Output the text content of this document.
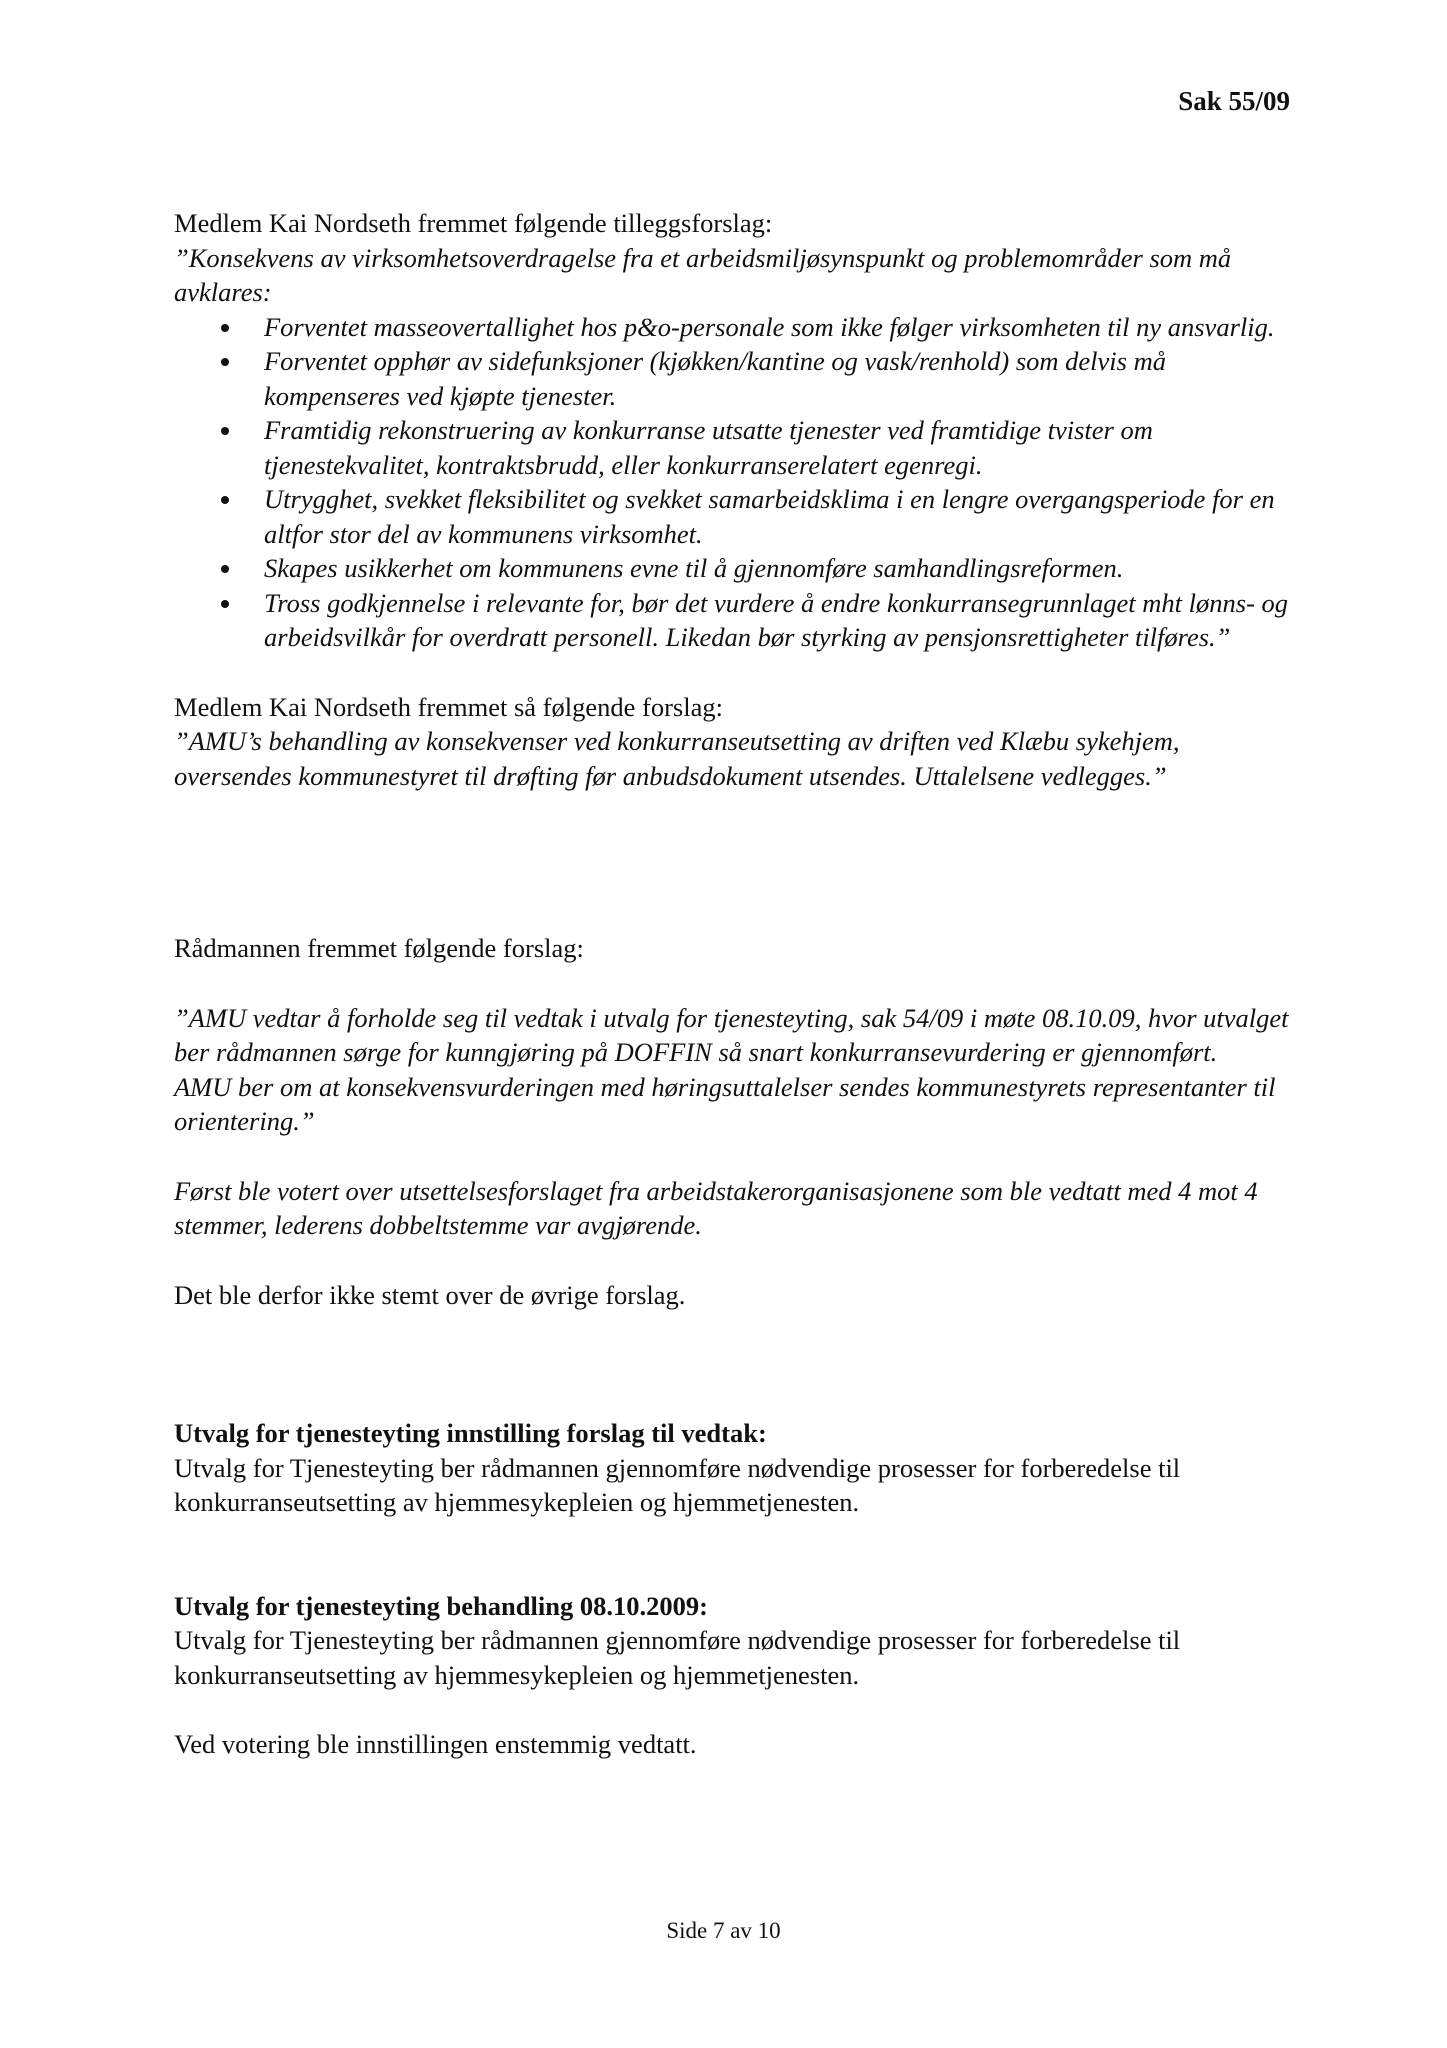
Sak 55/09

Medlem Kai Nordseth fremmet følgende tilleggsforslag:

”Konsekvens av virksomhetsoverdragelse fra et arbeidsmiljøsynspunkt og problemområder som må avklares:

Forventet masseovertallighet hos p&o-personale som ikke følger virksomheten til ny ansvarlig.
Forventet opphør av sidefunksjoner (kjøkken/kantine og vask/renhold) som delvis må kompenseres ved kjøpte tjenester.
Framtidig rekonstruering av konkurranse utsatte tjenester ved framtidige tvister om tjenestekvalitet, kontraktsbrudd, eller konkurranserelatert egenregi.
Utrygghet, svekket fleksibilitet og svekket samarbeidsklima i en lengre overgangsperiode for en altfor stor del av kommunens virksomhet.
Skapes usikkerhet om kommunens evne til å gjennomføre samhandlingsreformen.
Tross godkjennelse i relevante for, bør det vurdere å endre konkurransegrunnlaget mht lønns- og arbeidsvilkår for overdratt personell. Likedan bør styrking av pensjonsrettigheter tilføres.”

Medlem Kai Nordseth fremmet så følgende forslag:

”AMU’s behandling av konsekvenser ved konkurranseutsetting av driften ved Klæbu sykehjem, oversendes kommunestyret til drøfting før anbudsdokument utsendes. Uttalelsene vedlegges.”

Rådmannen fremmet følgende forslag:

”AMU vedtar å forholde seg til vedtak i utvalg for tjenesteyting, sak 54/09 i møte 08.10.09, hvor utvalget ber rådmannen sørge for kunngjøring på DOFFIN så snart konkurransevurdering er gjennomført.

AMU ber om at konsekvensvurderingen med høringsuttalelser sendes kommunestyrets representanter til orientering.”

Først ble votert over utsettelsesforslaget fra arbeidstakerorganisasjonene som ble vedtatt med 4 mot 4 stemmer, lederens dobbeltstemme var avgjørende.

Det ble derfor ikke stemt over de øvrige forslag.

Utvalg for tjenesteyting innstilling forslag til vedtak:

Utvalg for Tjenesteyting ber rådmannen gjennomføre nødvendige prosesser for forberedelse til konkurranseutsetting av hjemmesykepleien og hjemmetjenesten.

Utvalg for tjenesteyting behandling 08.10.2009:

Utvalg for Tjenesteyting ber rådmannen gjennomføre nødvendige prosesser for forberedelse til konkurranseutsetting av hjemmesykepleien og hjemmetjenesten.

Ved votering ble innstillingen enstemmig vedtatt.

Side 7 av 10
